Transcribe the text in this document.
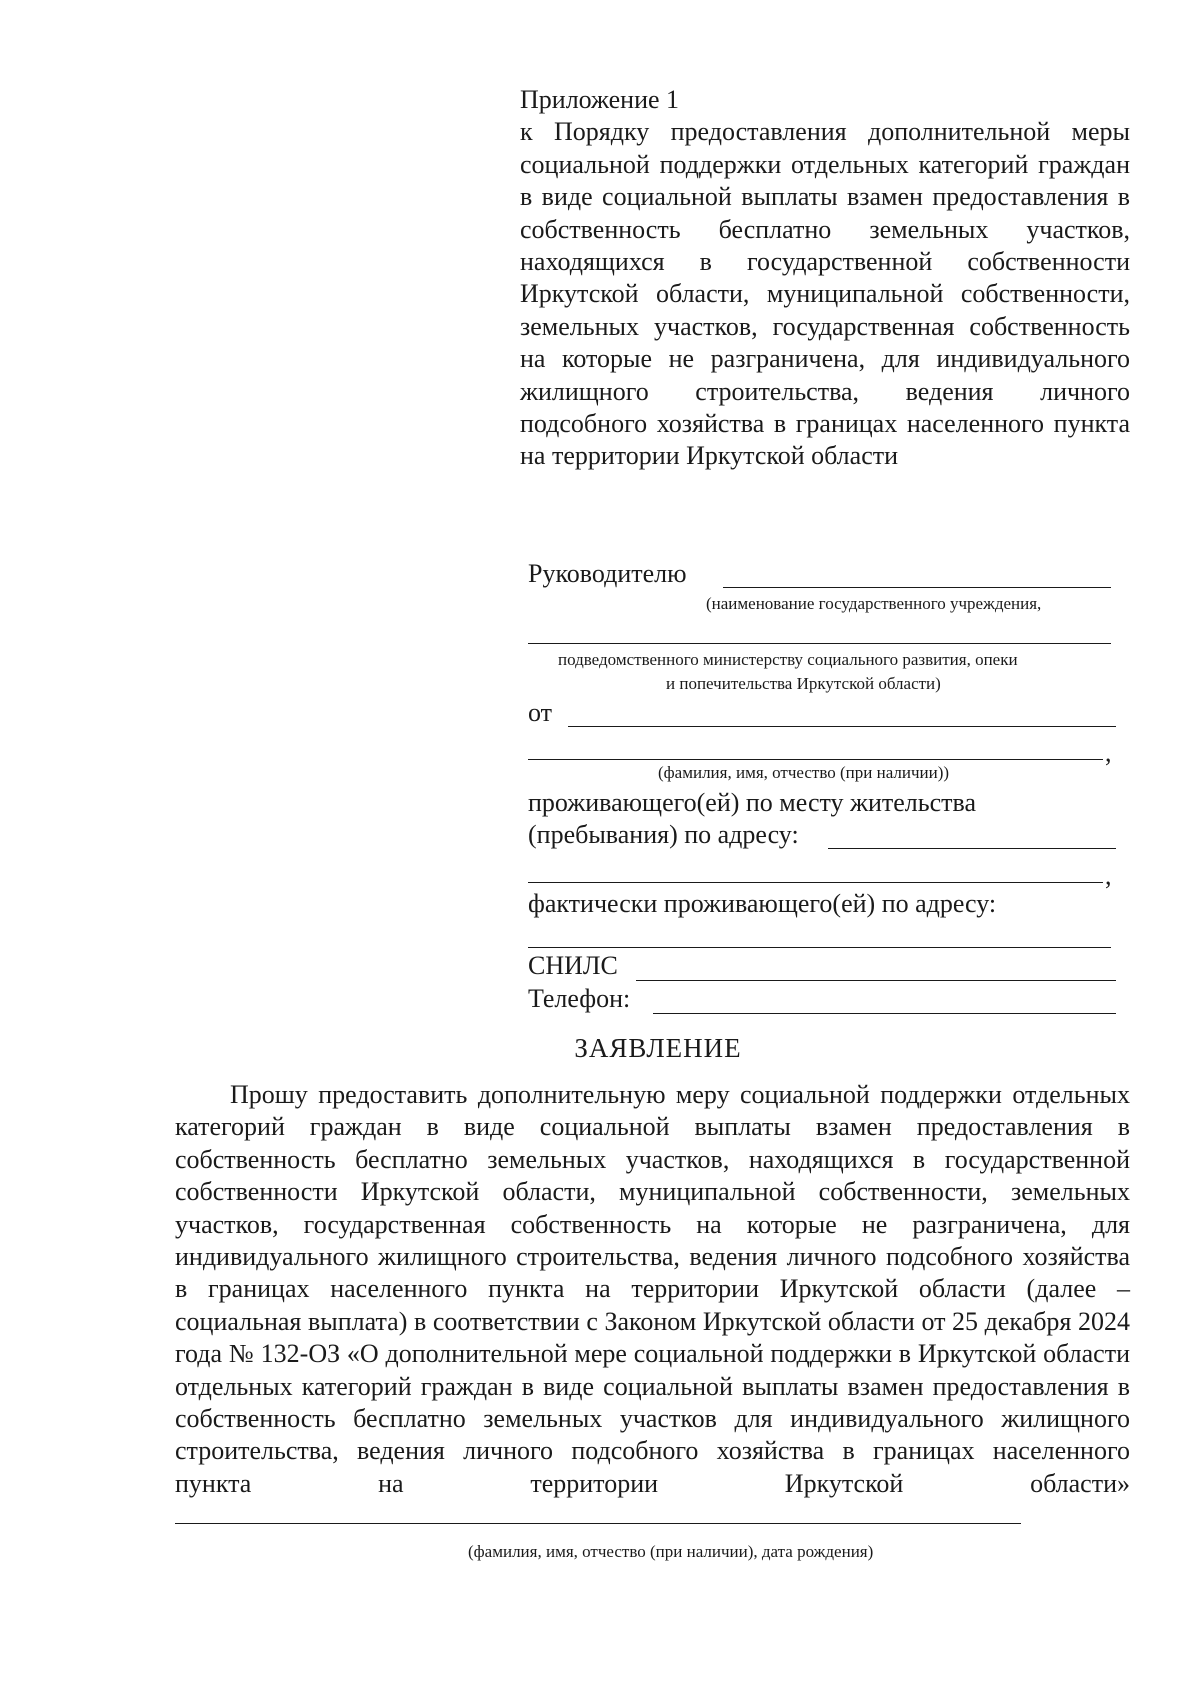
Приложение 1
к Порядку предоставления дополнительной меры социальной поддержки отдельных категорий граждан в виде социальной выплаты взамен предоставления в собственность бесплатно земельных участков, находящихся в государственной собственности Иркутской области, муниципальной собственности, земельных участков, государственная собственность на которые не разграничена, для индивидуального жилищного строительства, ведения личного подсобного хозяйства в границах населенного пункта на территории Иркутской области
Руководителю
(наименование государственного учреждения,
подведомственного министерству социального развития, опеки
и попечительства Иркутской области)
от
,
(фамилия, имя, отчество (при наличии))
проживающего(ей) по месту жительства
(пребывания) по адресу:
,
фактически проживающего(ей) по адресу:
СНИЛС
Телефон:
ЗАЯВЛЕНИЕ
Прошу предоставить дополнительную меру социальной поддержки отдельных категорий граждан в виде социальной выплаты взамен предоставления в собственность бесплатно земельных участков, находящихся в государственной собственности Иркутской области, муниципальной собственности, земельных участков, государственная собственность на которые не разграничена, для индивидуального жилищного строительства, ведения личного подсобного хозяйства в границах населенного пункта на территории Иркутской области (далее – социальная выплата) в соответствии с Законом Иркутской области от 25 декабря 2024 года № 132-ОЗ «О дополнительной мере социальной поддержки в Иркутской области отдельных категорий граждан в виде социальной выплаты взамен предоставления в собственность бесплатно земельных участков для индивидуального жилищного строительства, ведения личного подсобного хозяйства в границах населенного пункта на территории Иркутской области»
(фамилия, имя, отчество (при наличии), дата рождения)
